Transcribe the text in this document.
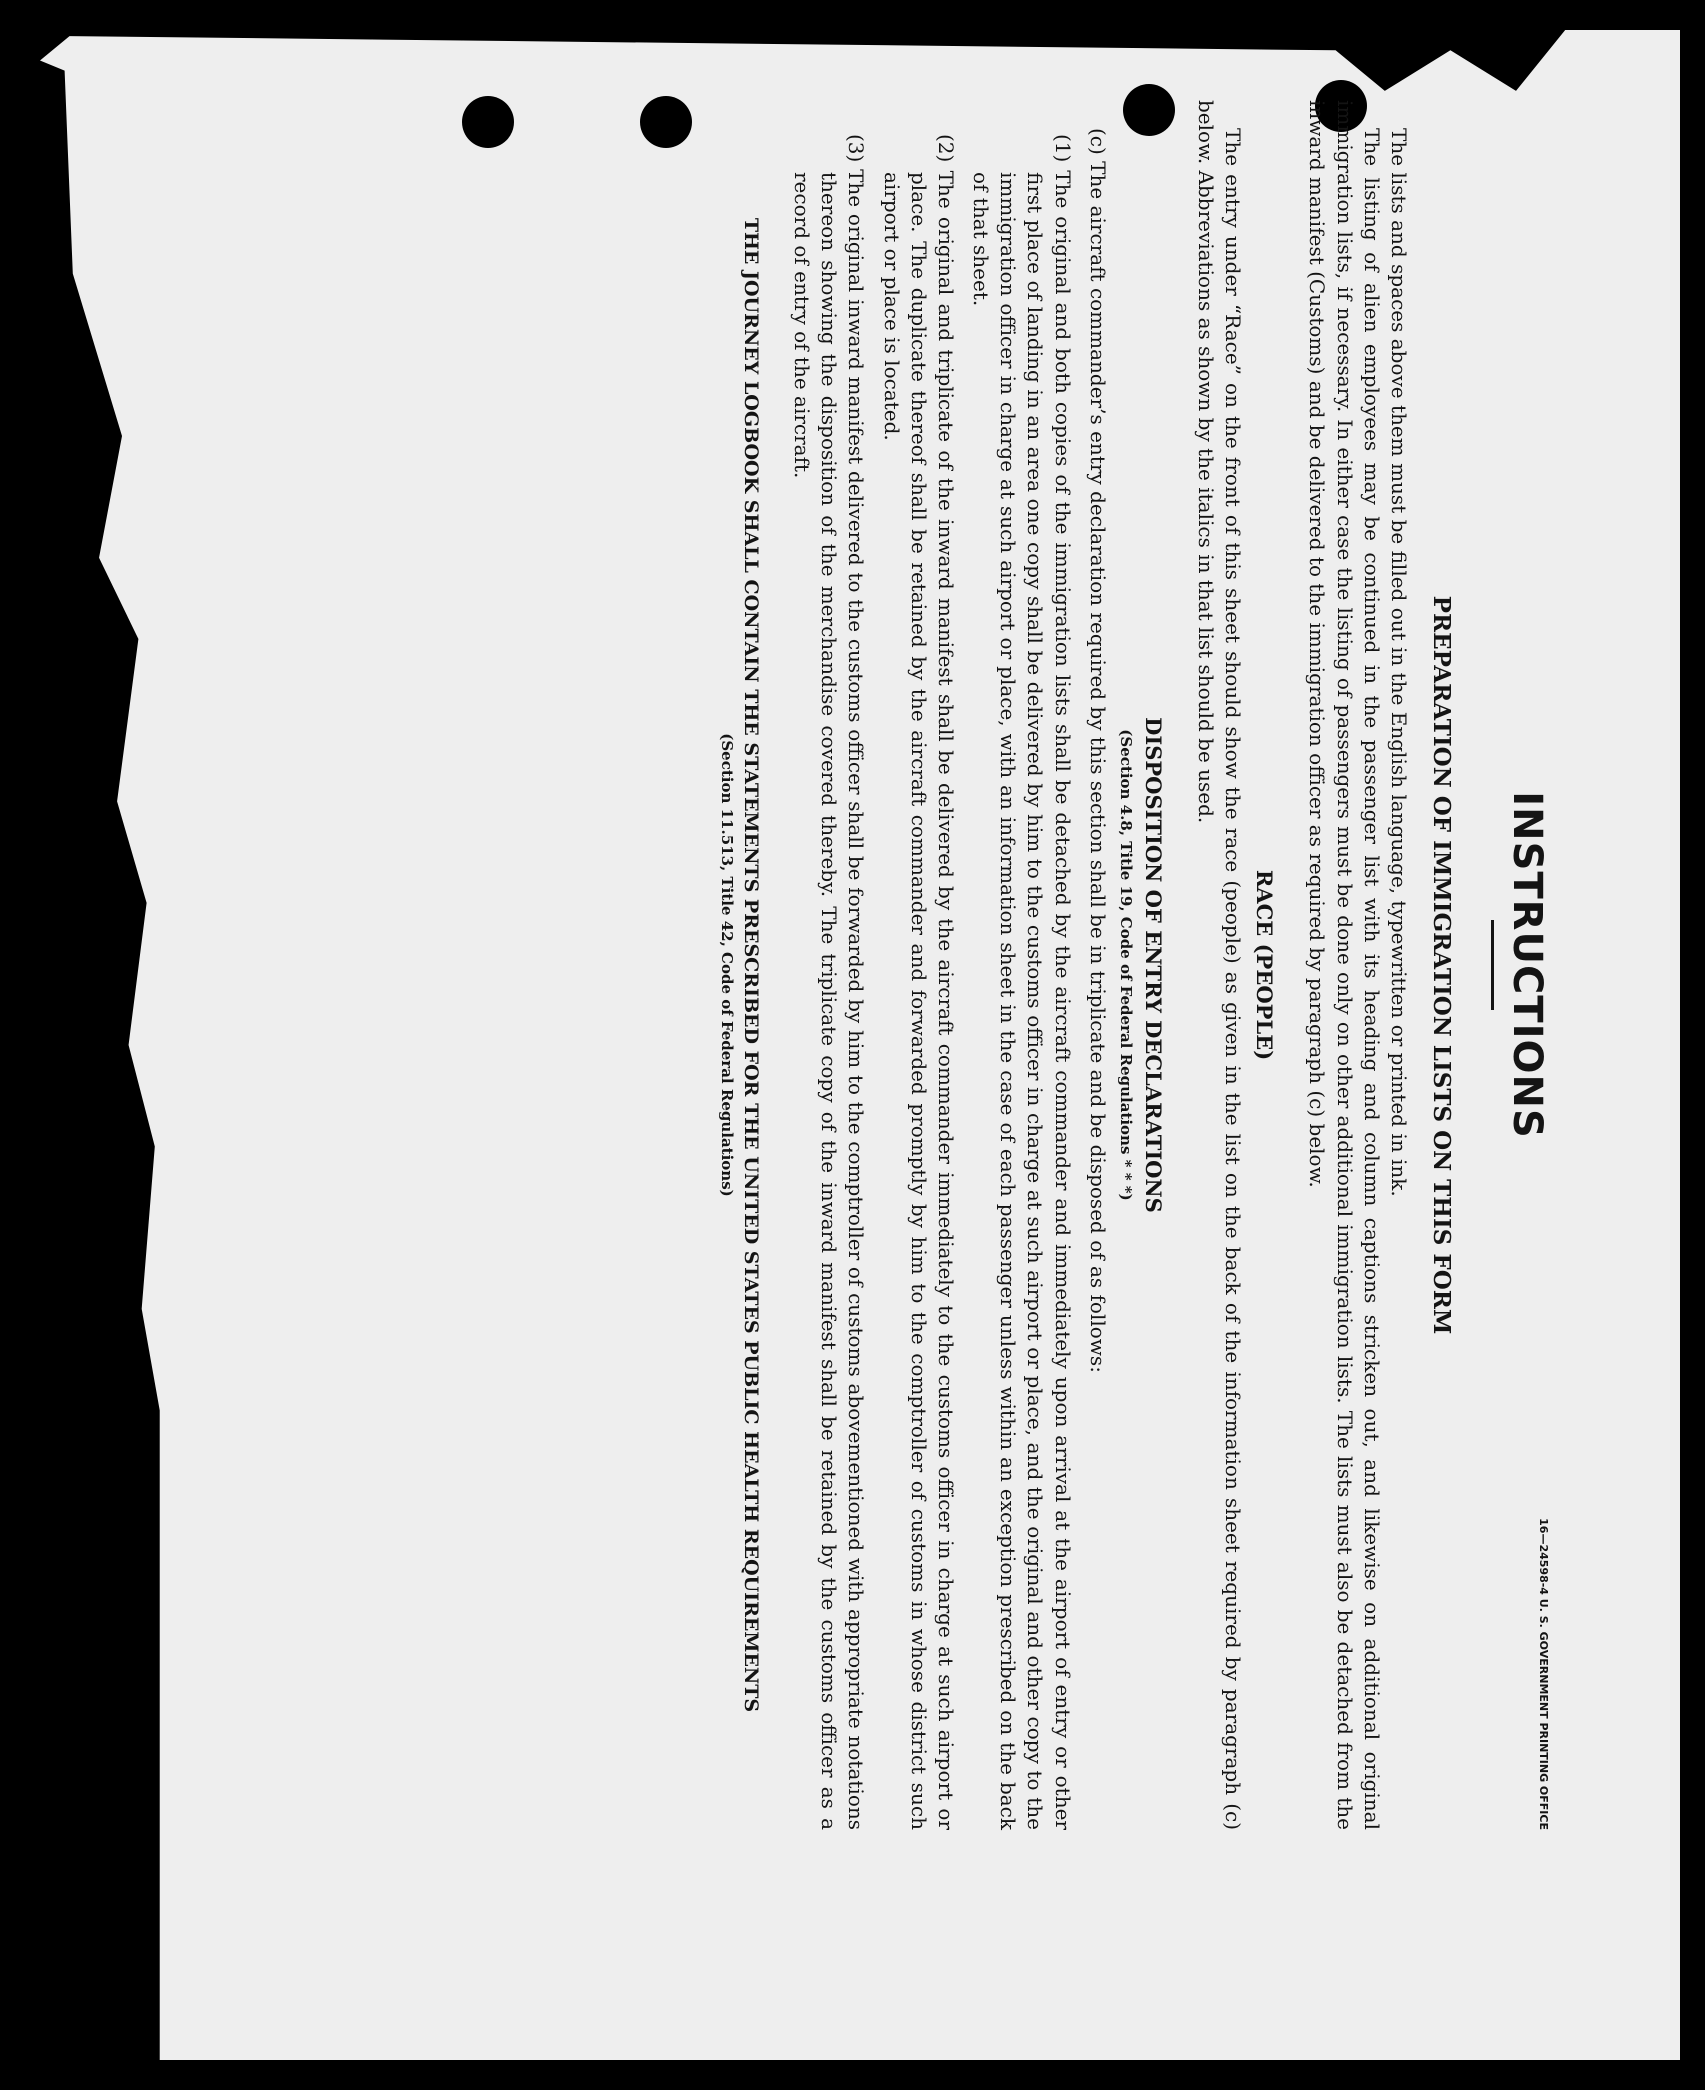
16—24598-4 U. S. GOVERNMENT PRINTING OFFICE
INSTRUCTIONS
PREPARATION OF IMMIGRATION LISTS ON THIS FORM

The lists and spaces above them must be filled out in the English language, typewritten or printed in ink.

The listing of alien employees may be continued in the passenger list with its heading and column captions stricken out, and likewise on additional original immigration lists, if necessary. In either case the listing of passengers must be done only on other additional immigration lists. The lists must also be detached from the inward manifest (Customs) and be delivered to the immigration officer as required by paragraph (c) below.

RACE (PEOPLE)

The entry under “Race” on the front of this sheet should show the race (people) as given in the list on the back of the information sheet required by paragraph (c) below. Abbreviations as shown by the italics in that list should be used.

DISPOSITION OF ENTRY DECLARATIONS
(Section 4.8, Title 19, Code of Federal Regulations * * *)

(c) The aircraft commander’s entry declaration required by this section shall be in triplicate and be disposed of as follows:

(1) The original and both copies of the immigration lists shall be detached by the aircraft commander and immediately upon arrival at the airport of entry or other first place of landing in an area one copy shall be delivered by him to the customs officer in charge at such airport or place, and the original and other copy to the immigration officer in charge at such airport or place, with an information sheet in the case of each passenger unless within an exception prescribed on the back of that sheet.

(2) The original and triplicate of the inward manifest shall be delivered by the aircraft commander immediately to the customs officer in charge at such airport or place. The duplicate thereof shall be retained by the aircraft commander and forwarded promptly by him to the comptroller of customs in whose district such airport or place is located.

(3) The original inward manifest delivered to the customs officer shall be forwarded by him to the comptroller of customs abovementioned with appropriate notations thereon showing the disposition of the merchandise covered thereby. The triplicate copy of the inward manifest shall be retained by the customs officer as a record of entry of the aircraft.

THE JOURNEY LOGBOOK SHALL CONTAIN THE STATEMENTS PRESCRIBED FOR THE UNITED STATES PUBLIC HEALTH REQUIREMENTS
(Section 11.513, Title 42, Code of Federal Regulations)
